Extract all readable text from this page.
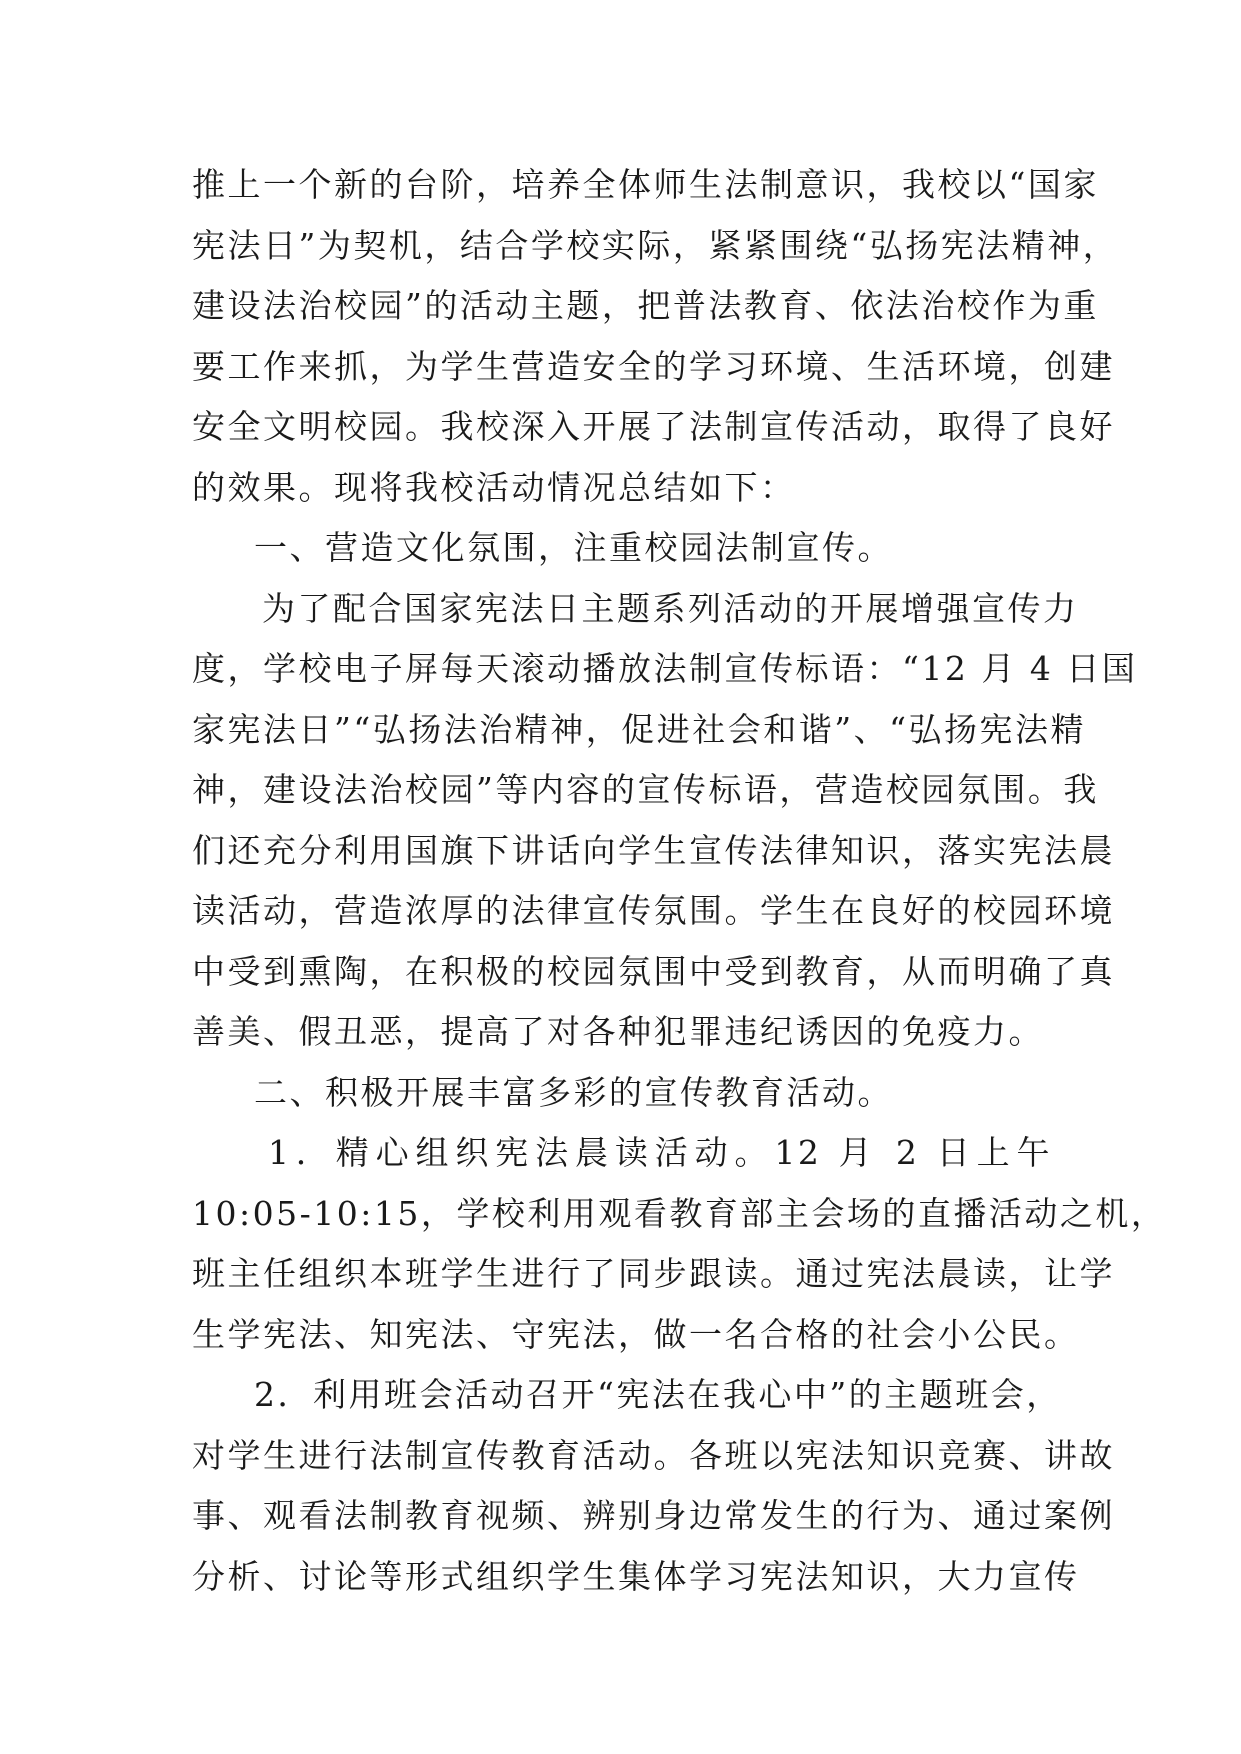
推上一个新的台阶，培养全体师生法制意识，我校以“国家
宪法日”为契机，结合学校实际，紧紧围绕“弘扬宪法精神，
建设法治校园”的活动主题，把普法教育、依法治校作为重
要工作来抓，为学生营造安全的学习环境、生活环境，创建
安全文明校园。我校深入开展了法制宣传活动，取得了良好
的效果。现将我校活动情况总结如下：
一、营造文化氛围，注重校园法制宣传。
为了配合国家宪法日主题系列活动的开展增强宣传力
度，学校电子屏每天滚动播放法制宣传标语：“12 月 4 日国
家宪法日”“弘扬法治精神，促进社会和谐”、“弘扬宪法精
神，建设法治校园”等内容的宣传标语，营造校园氛围。我
们还充分利用国旗下讲话向学生宣传法律知识，落实宪法晨
读活动，营造浓厚的法律宣传氛围。学生在良好的校园环境
中受到熏陶，在积极的校园氛围中受到教育，从而明确了真
善美、假丑恶，提高了对各种犯罪违纪诱因的免疫力。
二、积极开展丰富多彩的宣传教育活动。
1．精心组织宪法晨读活动。12 月 2 日上午
10:05-10:15，学校利用观看教育部主会场的直播活动之机，
班主任组织本班学生进行了同步跟读。通过宪法晨读，让学
生学宪法、知宪法、守宪法，做一名合格的社会小公民。
2．利用班会活动召开“宪法在我心中”的主题班会，
对学生进行法制宣传教育活动。各班以宪法知识竞赛、讲故
事、观看法制教育视频、辨别身边常发生的行为、通过案例
分析、讨论等形式组织学生集体学习宪法知识，大力宣传
